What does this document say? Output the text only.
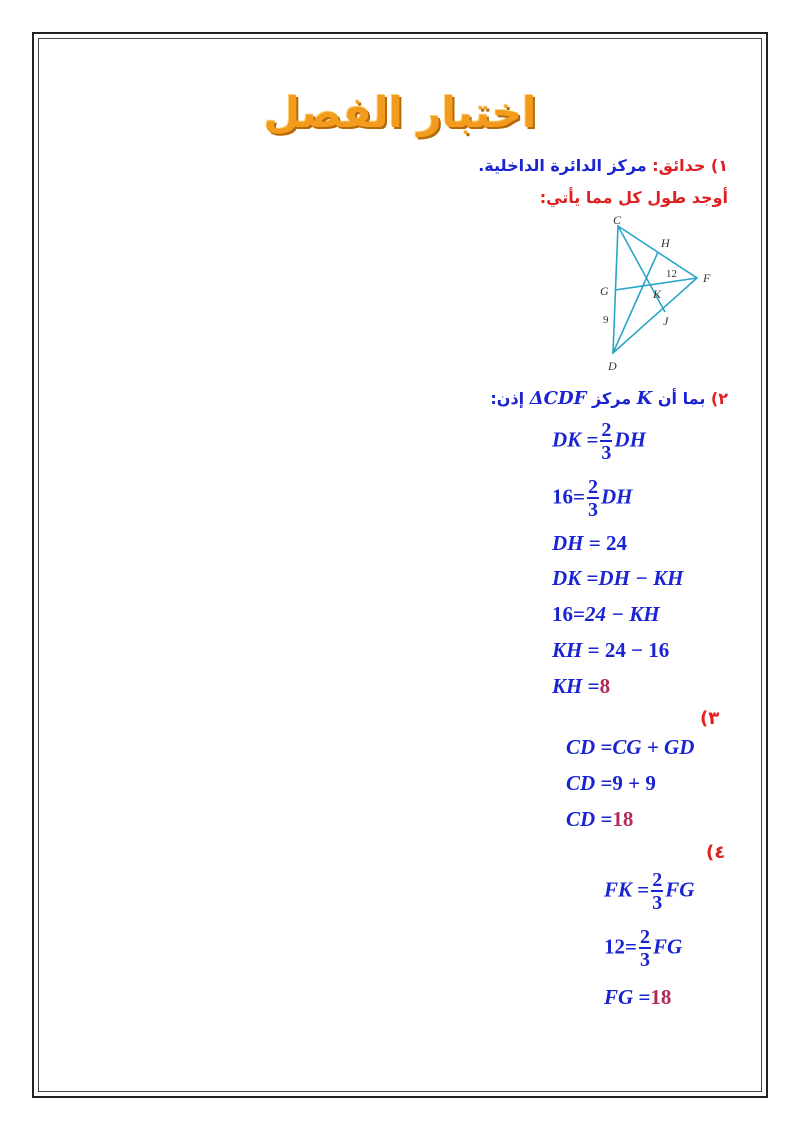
اختبار الفصل
١) حدائق: مركز الدائرة الداخلية.
أوجد طول كل مما يأتي:
C
H
F
G	K
J
D
12
9
٢) بما أن K مركز ΔCDF إذن:
DK = $\frac{2}{3}$ DH
$16= \frac{2}{3}$ DH
DH = 24
DK =DH − KH
16=24 − KH
KH = 24 − 16
KH =8
(٣
CD =CG + GD
CD =9 + 9
CD =18
(٤
FK = $\frac{2}{3}$ FG
$12= \frac{2}{3}$ FG
FG =18
